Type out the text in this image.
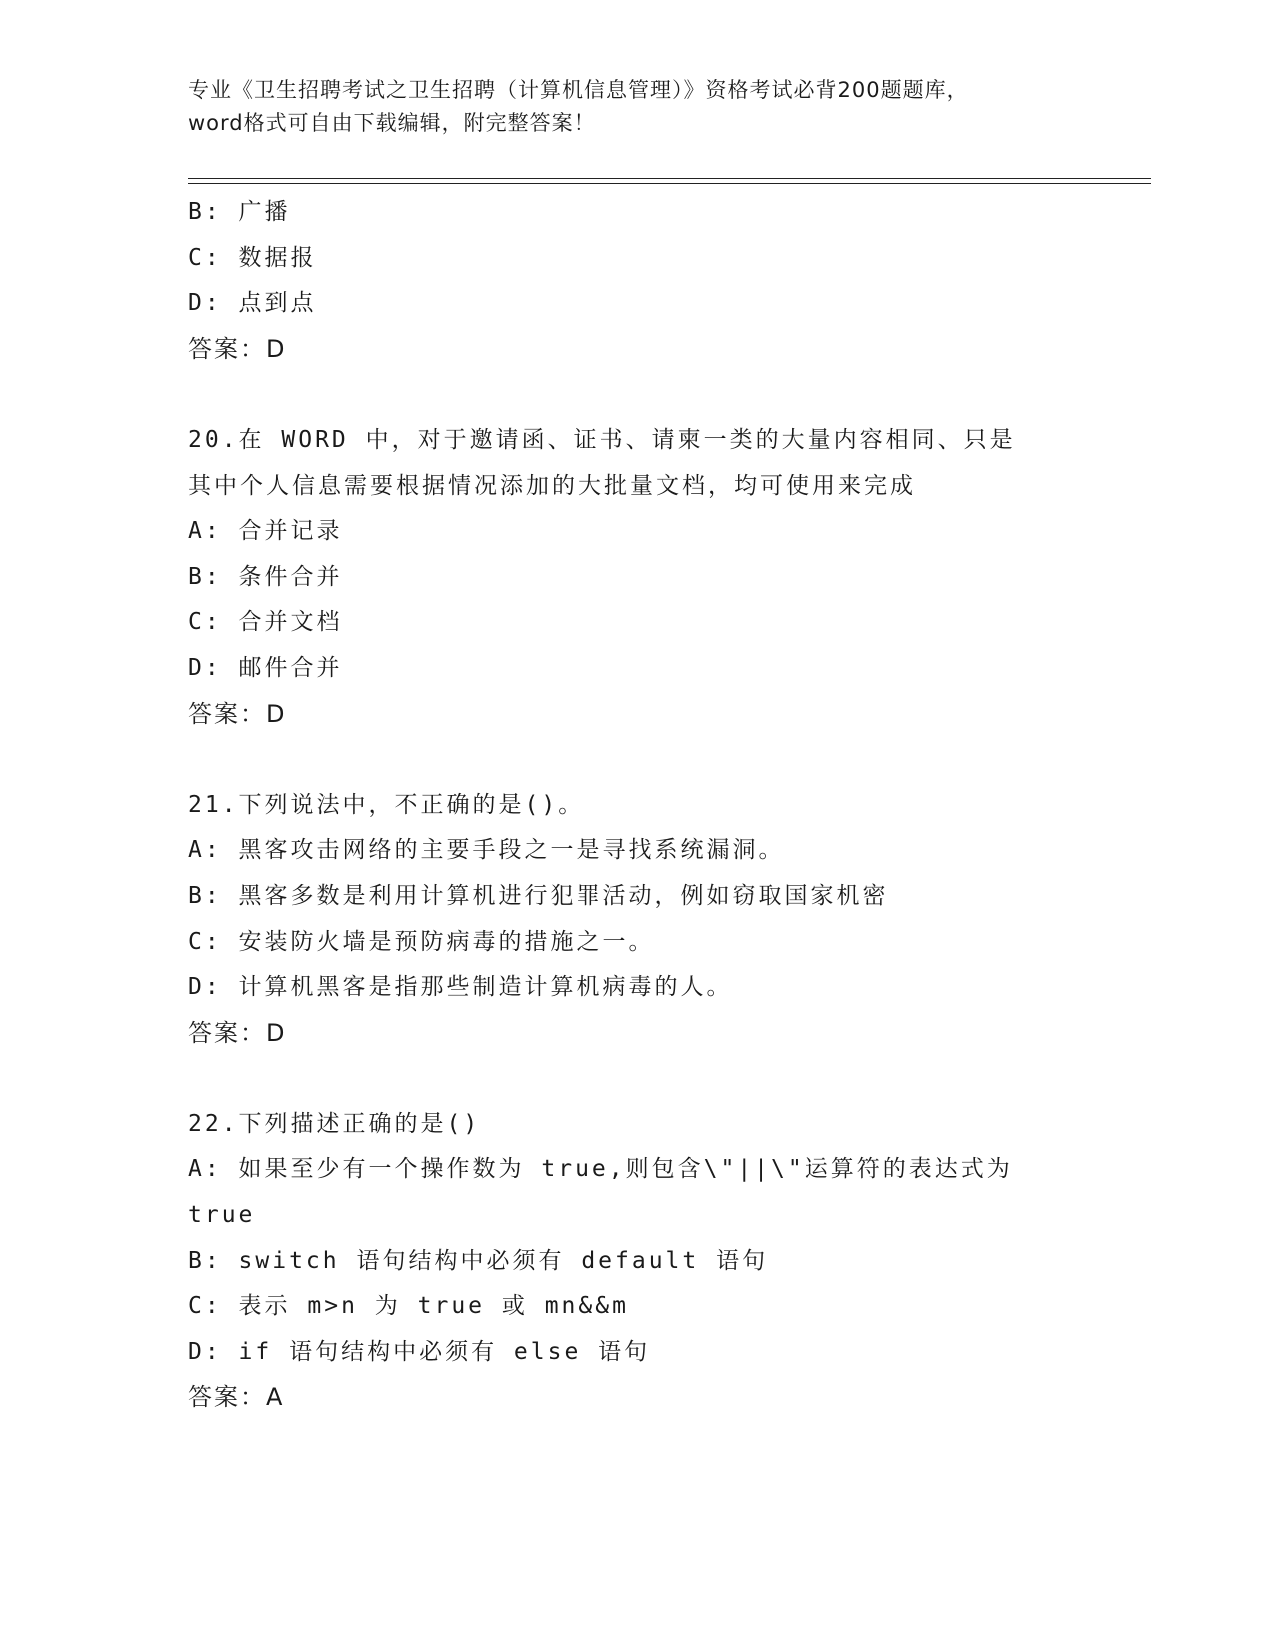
专业《卫生招聘考试之卫生招聘（计算机信息管理）》资格考试必背200题题库，
word格式可自由下载编辑，附完整答案！
B: 广播
C: 数据报
D: 点到点
答案：D
20.在 WORD 中，对于邀请函、证书、请柬一类的大量内容相同、只是
其中个人信息需要根据情况添加的大批量文档，均可使用来完成
A: 合并记录
B: 条件合并
C: 合并文档
D: 邮件合并
答案：D
21.下列说法中，不正确的是()。
A: 黑客攻击网络的主要手段之一是寻找系统漏洞。
B: 黑客多数是利用计算机进行犯罪活动，例如窃取国家机密
C: 安装防火墙是预防病毒的措施之一。
D: 计算机黑客是指那些制造计算机病毒的人。
答案：D
22.下列描述正确的是()
A: 如果至少有一个操作数为 true,则包含\"||\"运算符的表达式为
true
B: switch 语句结构中必须有 default 语句
C: 表示 m>n 为 true 或 mn&&m
D: if 语句结构中必须有 else 语句
答案：A
